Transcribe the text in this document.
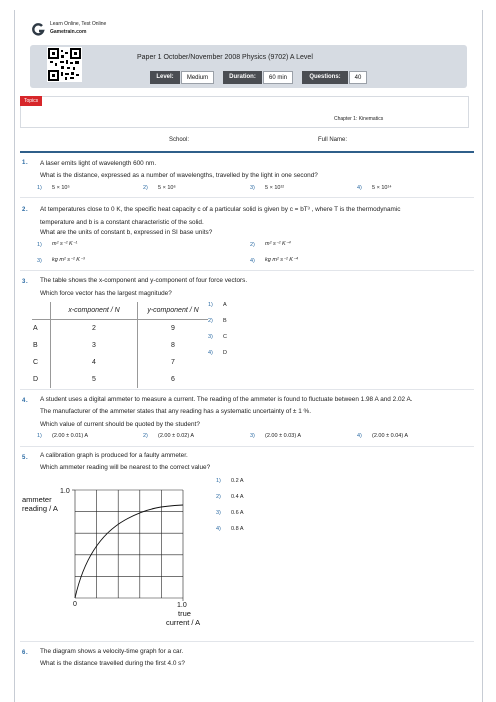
Learn Online, Test Online
Gametrain.com
Paper 1 October/November 2008 Physics (9702) A Level
Level:	Medium	Duration:	60 min	Questions:	40
Topics
Chapter 1: Kinematics
School:	Full Name:
1 . A laser emits light of wavelength 600 nm.
What is the distance, expressed as a number of wavelengths, travelled by the light in one second?
1) 5 × 10⁵	2) 5 × 10⁶	3) 5 × 10¹²	4) 5 × 10¹⁴
2 . At temperatures close to 0 K, the specific heat capacity c of a particular solid is given by c = bT³ , where T is the thermodynamic
temperature and b is a constant characteristic of the solid.
What are the units of constant b, expressed in SI base units?
1) m² s⁻² K⁻¹	2) m² s⁻² K⁻⁴
3) kg m² s⁻² K⁻³	4) kg m² s⁻² K⁻⁴
3 . The table shows the x-component and y-component of four force vectors.
Which force vector has the largest magnitude?
	x-component / N	y-component / N
A	2	9
B	3	8
C	4	7
D	5	6
1) A
2) B
3) C
4) D
4 . A student uses a digital ammeter to measure a current. The reading of the ammeter is found to fluctuate between 1.98 A and 2.02 A.
The manufacturer of the ammeter states that any reading has a systematic uncertainty of ± 1 %.
Which value of current should be quoted by the student?
1) (2.00 ± 0.01) A	2) (2.00 ± 0.02) A	3) (2.00 ± 0.03) A	4) (2.00 ± 0.04) A
5 . A calibration graph is produced for a faulty ammeter.
Which ammeter reading will be nearest to the correct value?
ammeter
reading / A
1.0
0	1.0
true
current / A
1) 0.2 A
2) 0.4 A
3) 0.6 A
4) 0.8 A
6 . The diagram shows a velocity-time graph for a car.
What is the distance travelled during the first 4.0 s?
